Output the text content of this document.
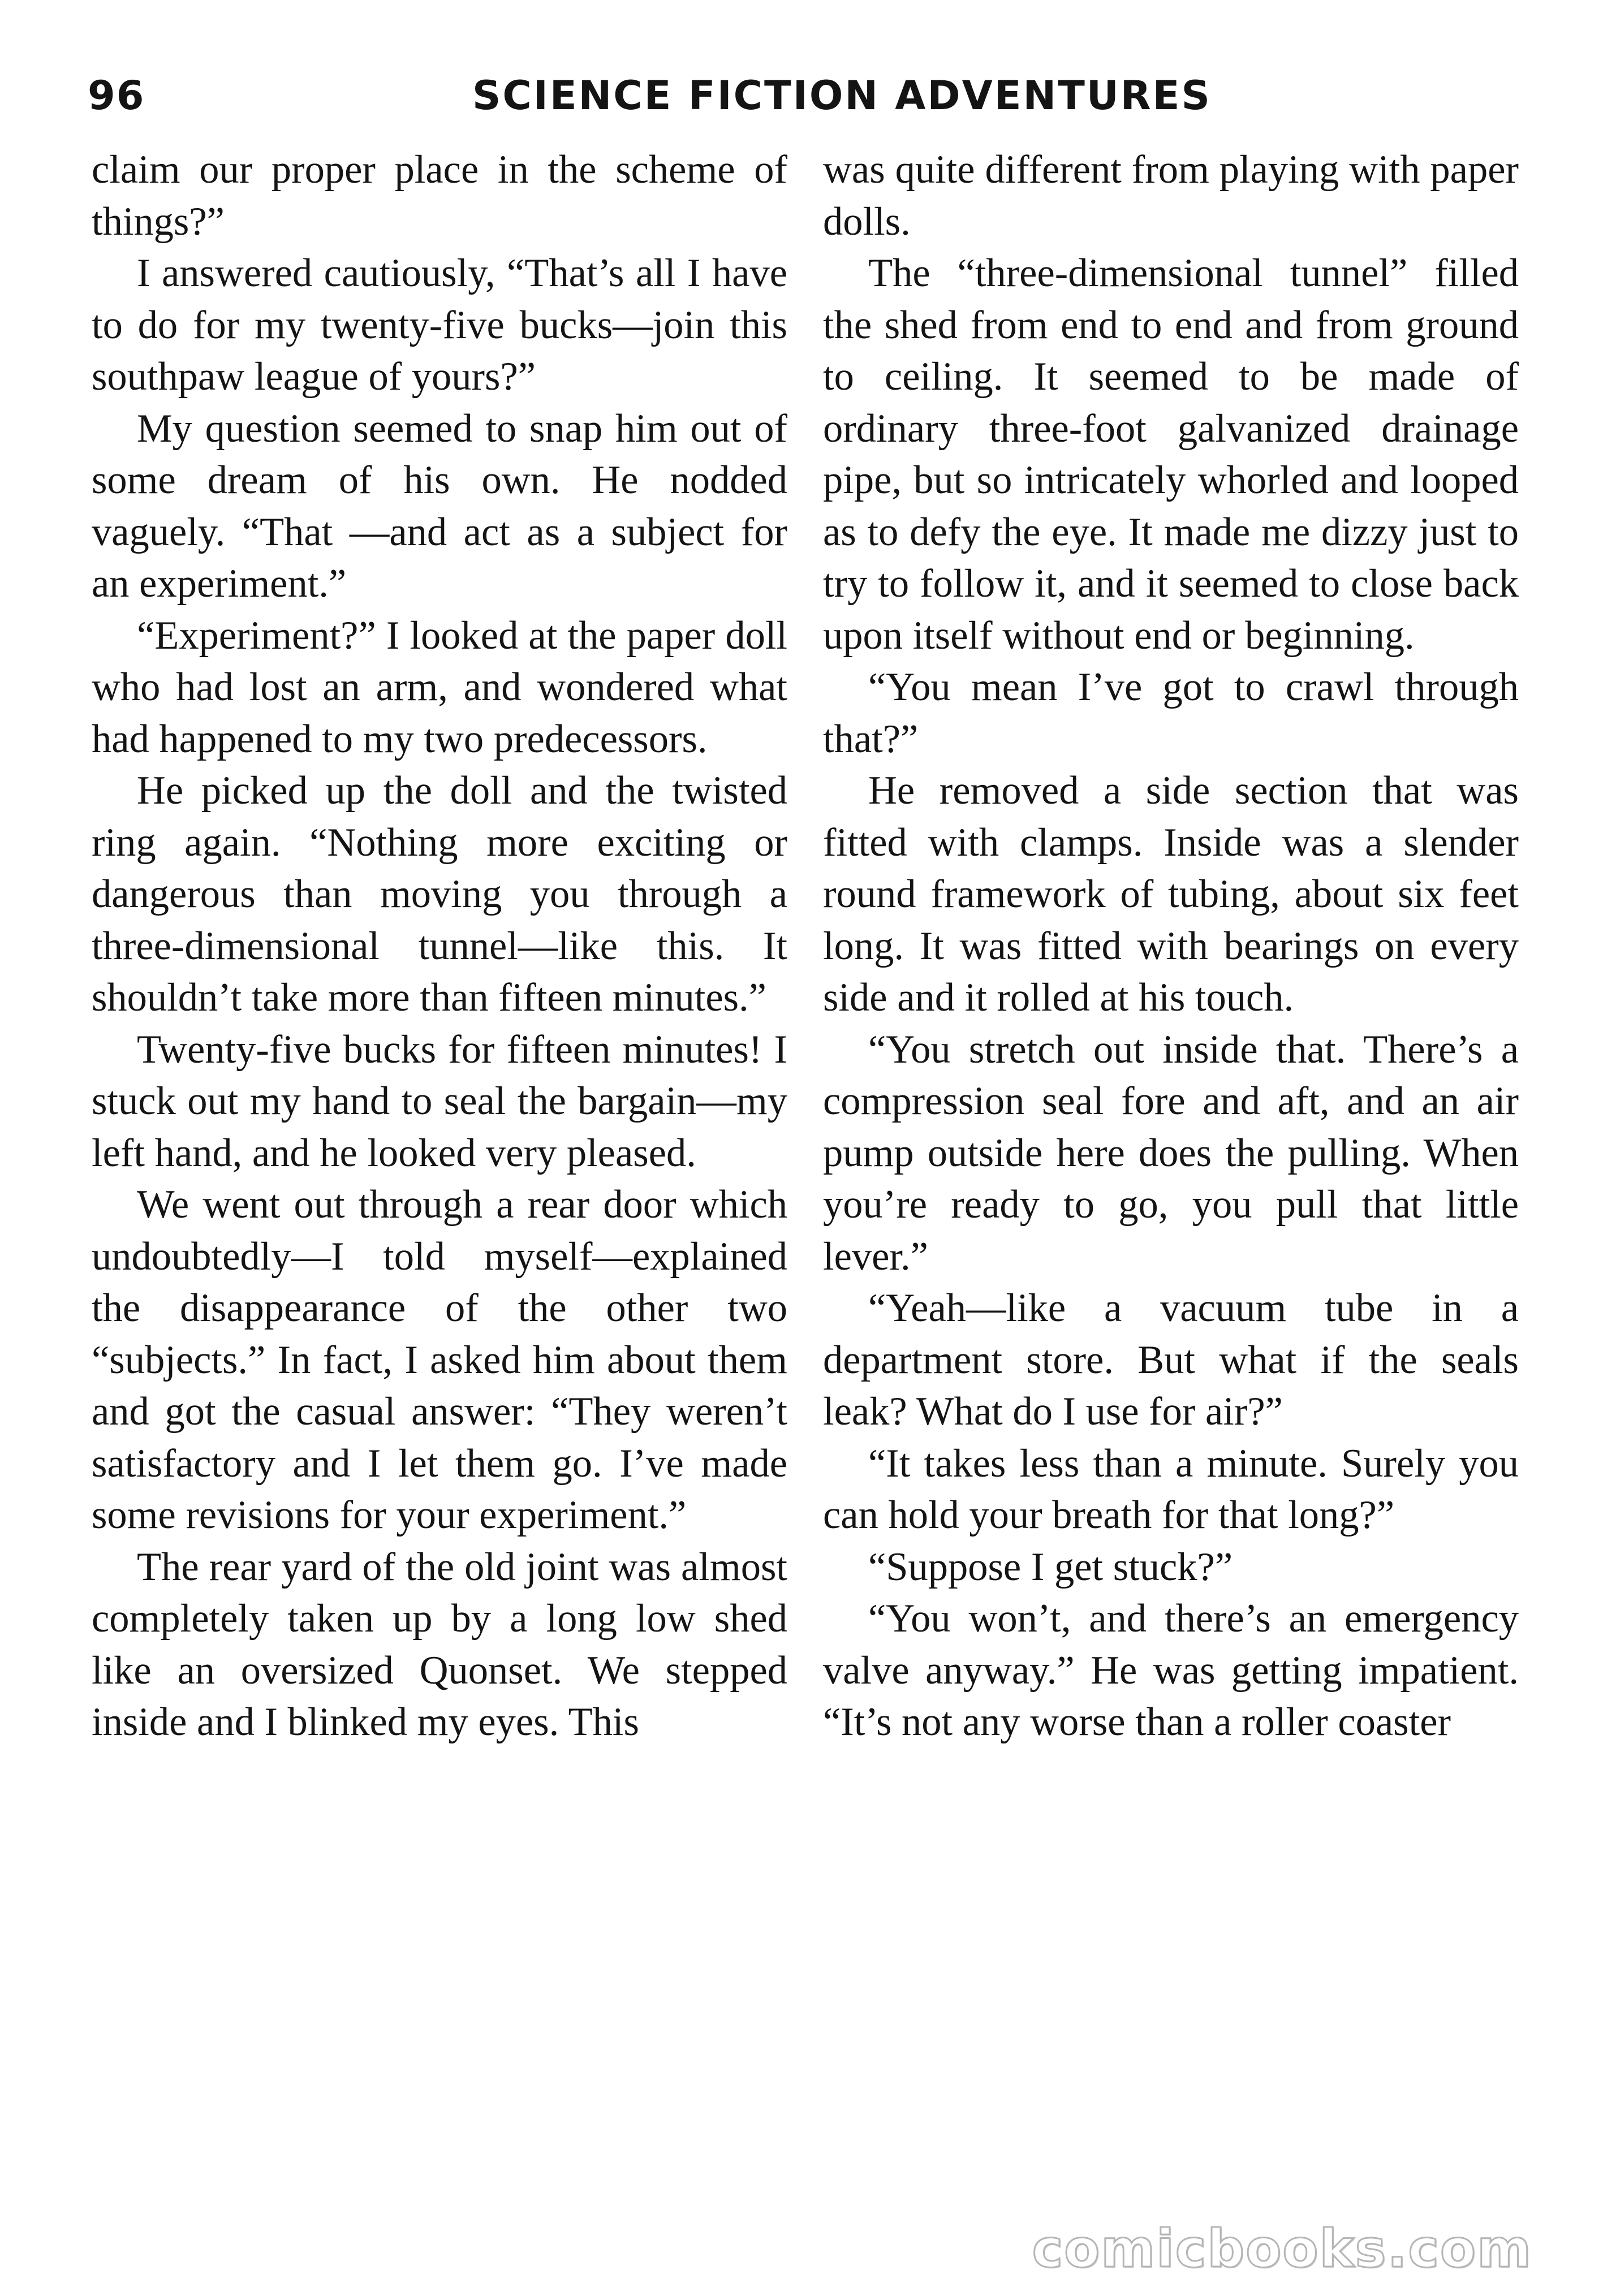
96	SCIENCE FICTION ADVENTURES

claim our proper place in the scheme of things?”

I answered cautiously, “That’s all I have to do for my twenty-five bucks—join this southpaw league of yours?”

My question seemed to snap him out of some dream of his own. He nodded vaguely. “That —and act as a subject for an experiment.”

“Experiment?” I looked at the paper doll who had lost an arm, and wondered what had happened to my two predecessors.

He picked up the doll and the twisted ring again. “Nothing more exciting or dangerous than moving you through a three-dimensional tunnel—like this. It shouldn’t take more than fifteen minutes.”

Twenty-five bucks for fifteen minutes! I stuck out my hand to seal the bargain—my left hand, and he looked very pleased.

We went out through a rear door which undoubtedly—I told myself—explained the disappearance of the other two “subjects.” In fact, I asked him about them and got the casual answer: “They weren’t satisfactory and I let them go. I’ve made some revisions for your experiment.”

The rear yard of the old joint was almost completely taken up by a long low shed like an oversized Quonset. We stepped inside and I blinked my eyes. This

was quite different from playing with paper dolls.

The “three-dimensional tunnel” filled the shed from end to end and from ground to ceiling. It seemed to be made of ordinary three-foot galvanized drainage pipe, but so intricately whorled and looped as to defy the eye. It made me dizzy just to try to follow it, and it seemed to close back upon itself without end or beginning.

“You mean I’ve got to crawl through that?”

He removed a side section that was fitted with clamps. Inside was a slender round framework of tubing, about six feet long. It was fitted with bearings on every side and it rolled at his touch.

“You stretch out inside that. There’s a compression seal fore and aft, and an air pump outside here does the pulling. When you’re ready to go, you pull that little lever.”

“Yeah—like a vacuum tube in a department store. But what if the seals leak? What do I use for air?”

“It takes less than a minute. Surely you can hold your breath for that long?”

“Suppose I get stuck?”

“You won’t, and there’s an emergency valve anyway.” He was getting impatient. “It’s not any worse than a roller coaster

comicbooks.com
